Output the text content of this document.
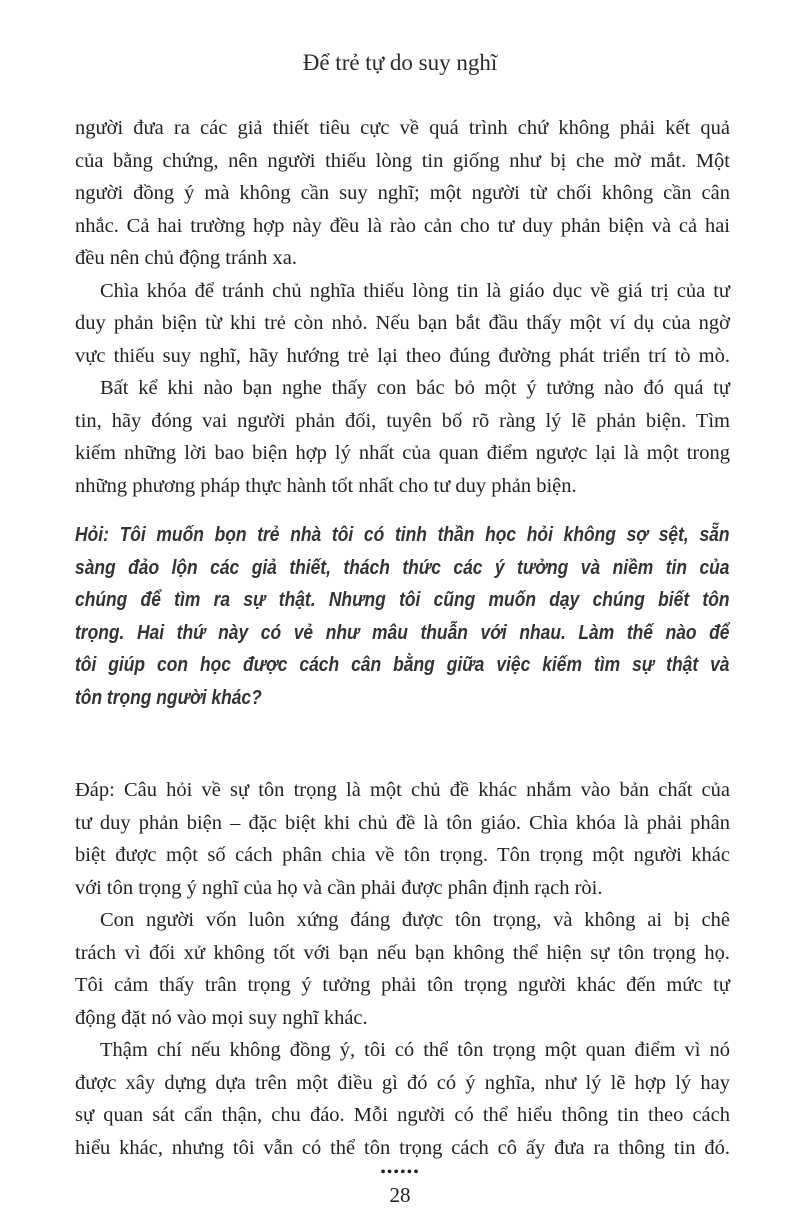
Để trẻ tự do suy nghĩ
người đưa ra các giả thiết tiêu cực về quá trình chứ không phải kết quả
của bằng chứng, nên người thiếu lòng tin giống như bị che mờ mắt. Một
người đồng ý mà không cần suy nghĩ; một người từ chối không cần cân
nhắc. Cả hai trường hợp này đều là rào cản cho tư duy phản biện và cả hai
đều nên chủ động tránh xa.
Chìa khóa để tránh chủ nghĩa thiếu lòng tin là giáo dục về giá trị của tư
duy phản biện từ khi trẻ còn nhỏ. Nếu bạn bắt đầu thấy một ví dụ của ngờ
vực thiếu suy nghĩ, hãy hướng trẻ lại theo đúng đường phát triển trí tò mò.
Bất kể khi nào bạn nghe thấy con bác bỏ một ý tưởng nào đó quá tự
tin, hãy đóng vai người phản đối, tuyên bố rõ ràng lý lẽ phản biện. Tìm
kiếm những lời bao biện hợp lý nhất của quan điểm ngược lại là một trong
những phương pháp thực hành tốt nhất cho tư duy phản biện.
Hỏi: Tôi muốn bọn trẻ nhà tôi có tinh thần học hỏi không sợ sệt, sẵn
sàng đảo lộn các giả thiết, thách thức các ý tưởng và niềm tin của
chúng để tìm ra sự thật. Nhưng tôi cũng muốn dạy chúng biết tôn
trọng. Hai thứ này có vẻ như mâu thuẫn với nhau. Làm thế nào để
tôi giúp con học được cách cân bằng giữa việc kiếm tìm sự thật và
tôn trọng người khác?
Đáp: Câu hỏi về sự tôn trọng là một chủ đề khác nhắm vào bản chất của
tư duy phản biện – đặc biệt khi chủ đề là tôn giáo. Chìa khóa là phải phân
biệt được một số cách phân chia về tôn trọng. Tôn trọng một người khác
với tôn trọng ý nghĩ của họ và cần phải được phân định rạch ròi.
Con người vốn luôn xứng đáng được tôn trọng, và không ai bị chê
trách vì đối xử không tốt với bạn nếu bạn không thể hiện sự tôn trọng họ.
Tôi cảm thấy trân trọng ý tưởng phải tôn trọng người khác đến mức tự
động đặt nó vào mọi suy nghĩ khác.
Thậm chí nếu không đồng ý, tôi có thể tôn trọng một quan điểm vì nó
được xây dựng dựa trên một điều gì đó có ý nghĩa, như lý lẽ hợp lý hay
sự quan sát cẩn thận, chu đáo. Mỗi người có thể hiểu thông tin theo cách
hiểu khác, nhưng tôi vẫn có thể tôn trọng cách cô ấy đưa ra thông tin đó.
••••••
28
